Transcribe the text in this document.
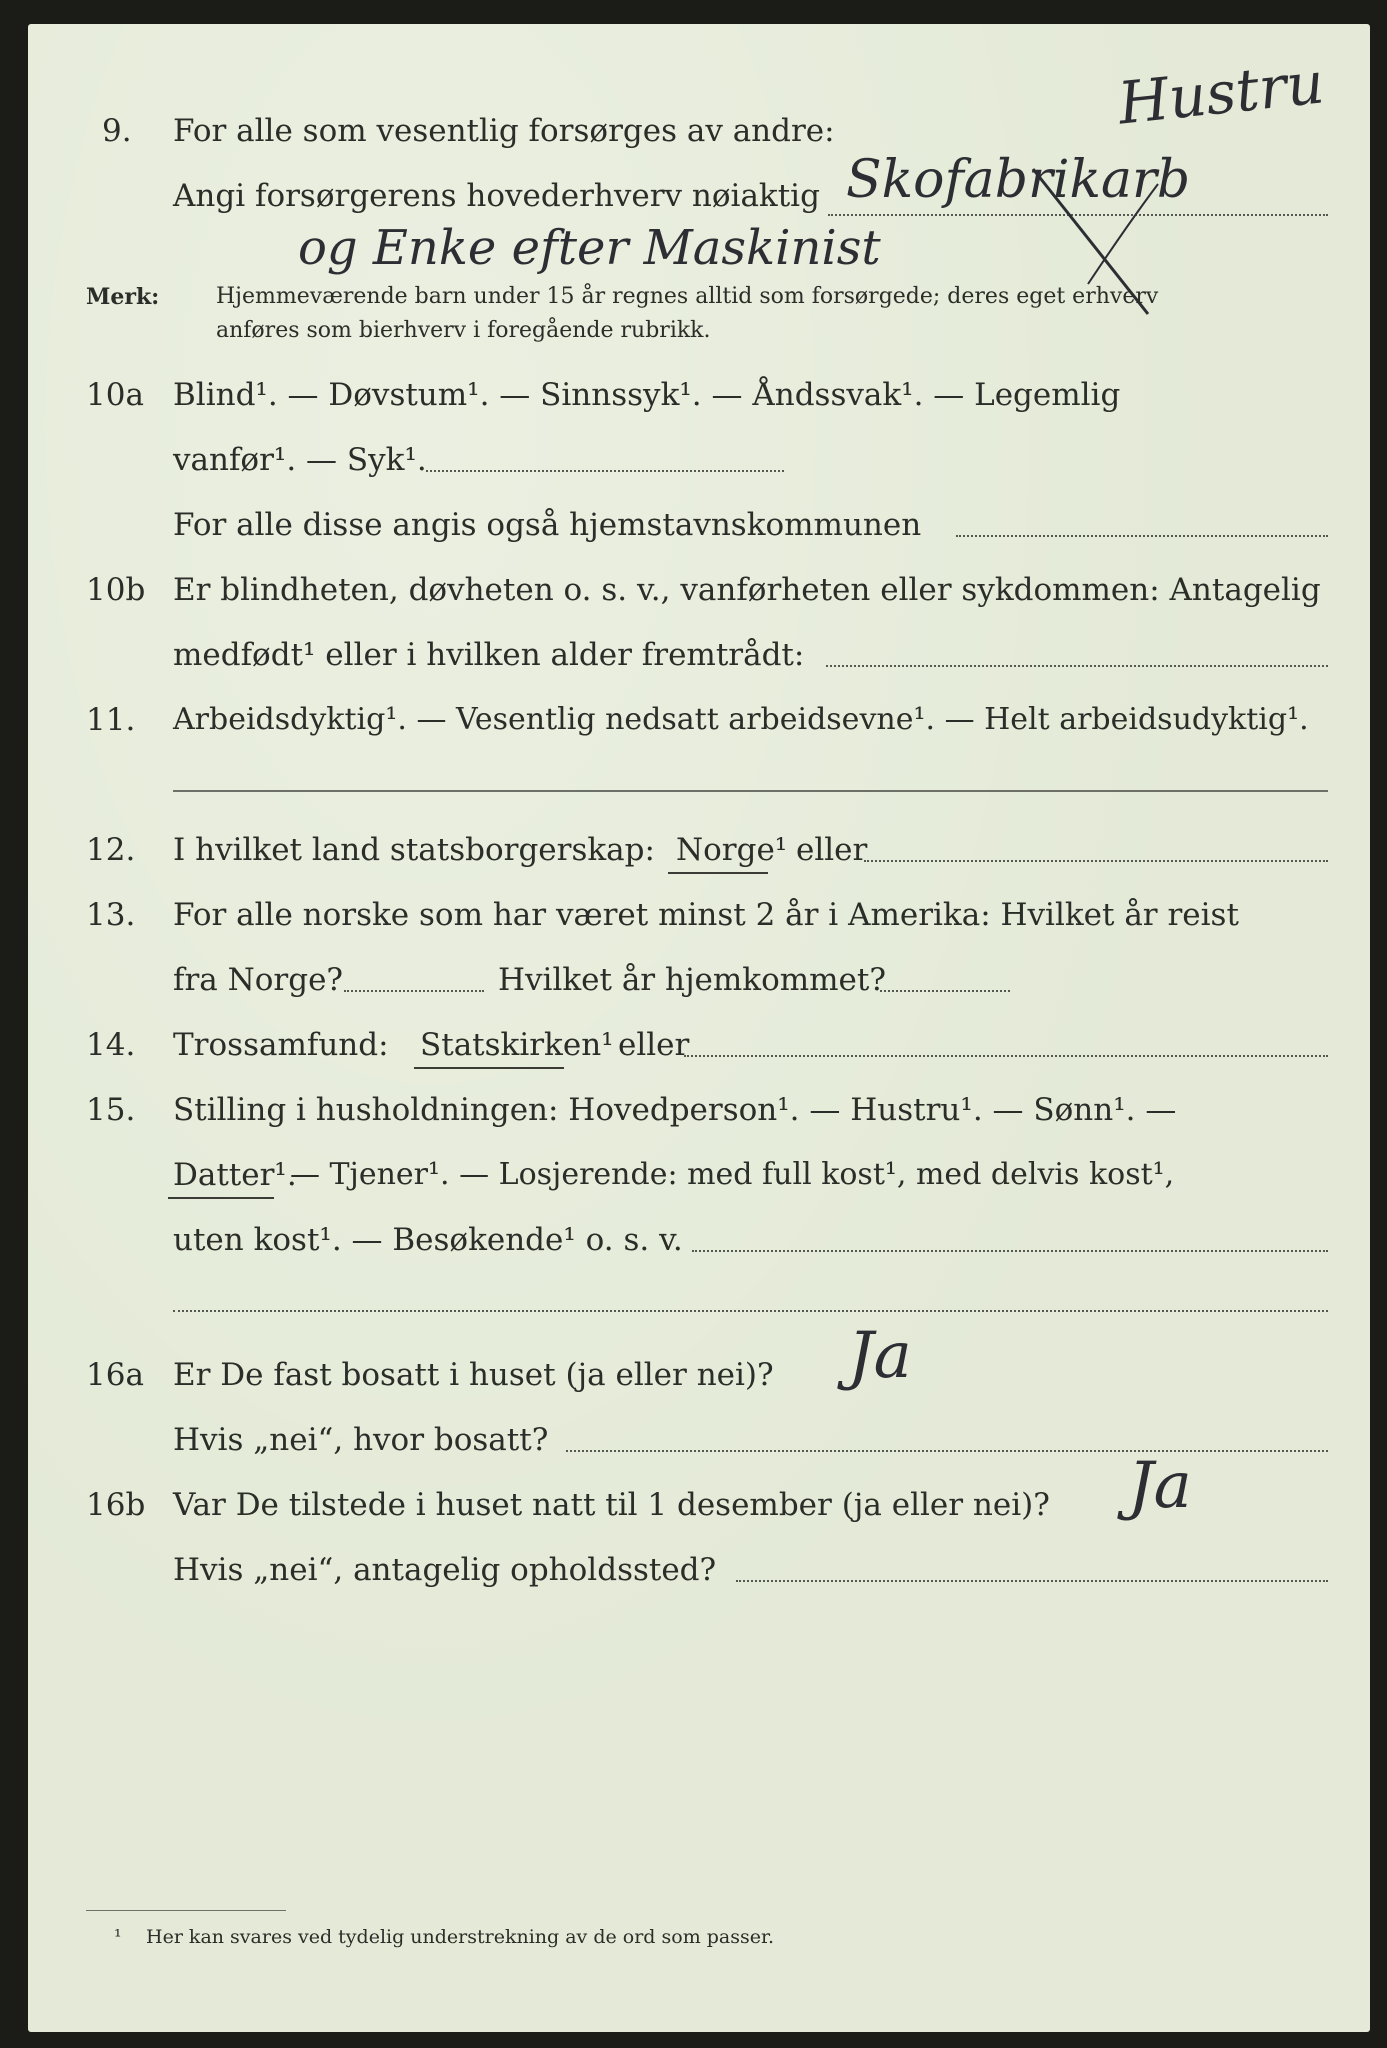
Hustru
9. For alle som vesentlig forsørges av andre:
Angi forsørgerens hovederhverv nøiaktig Skofabrikarb
og Enke efter Maskinist
Merk:	Hjemmeværende barn under 15 år regnes alltid som forsørgede; deres eget erhverv
anføres som bierhverv i foregående rubrikk.
10a Blind¹. — Døvstum¹. — Sinnssyk¹. — Åndssvak¹. — Legemlig
vanfør¹. — Syk¹.
For alle disse angis også hjemstavnskommunen
10b Er blindheten, døvheten o. s. v., vanførheten eller sykdommen: Antagelig
medfødt¹ eller i hvilken alder fremtrådt:
11. Arbeidsdyktig¹. — Vesentlig nedsatt arbeidsevne¹. — Helt arbeidsudyktig¹.
12. I hvilket land statsborgerskap: Norge¹ eller
13. For alle norske som har været minst 2 år i Amerika: Hvilket år reist
fra Norge?	Hvilket år hjemkommet?
14. Trossamfund: Statskirken¹ eller
15. Stilling i husholdningen: Hovedperson¹. — Hustru¹. — Sønn¹. —
Datter¹.
— Tjener¹. — Losjerende: med full kost¹, med delvis kost¹,
uten kost¹. — Besøkende¹ o. s. v.
16a Er De fast bosatt i huset (ja eller nei)? Ja
Hvis „nei“, hvor bosatt?
16b Var De tilstede i huset natt til 1 desember (ja eller nei)? Ja
Hvis „nei“, antagelig opholdssted?
¹ Her kan svares ved tydelig understrekning av de ord som passer.
